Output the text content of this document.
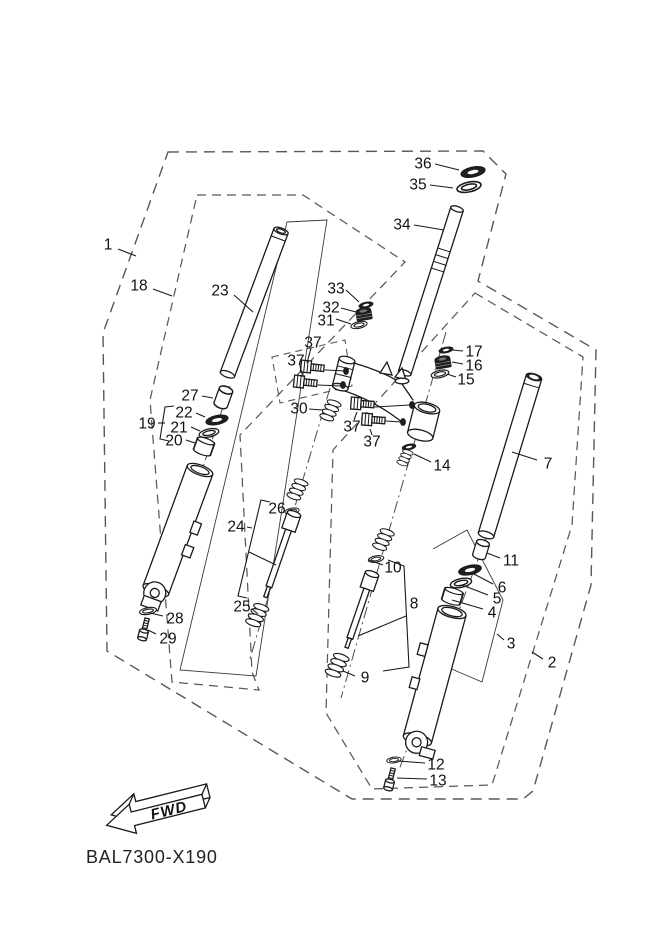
1
18	23
27
19
22
21
20
28
29
24
25
26
30
31
32
33
34
35
36
37
37
37
37
17
16
15
14	7
10
8
9
11
6
5
4
3
2
12
13
FWD
BAL7300-X190
